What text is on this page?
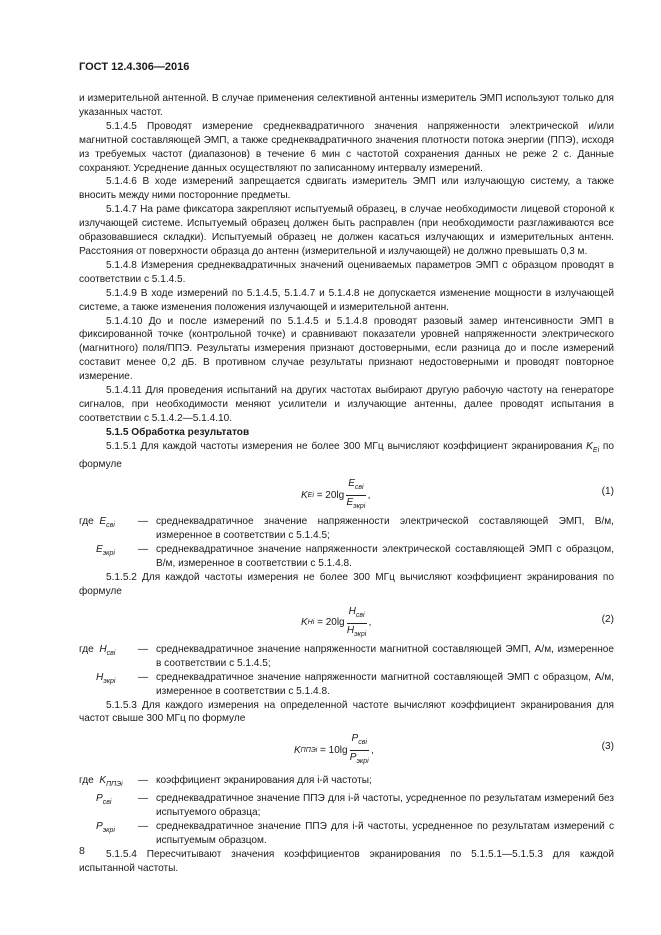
ГОСТ 12.4.306—2016

и измерительной антенной. В случае применения селективной антенны измеритель ЭМП используют только для указанных частот.

5.1.4.5 Проводят измерение среднеквадратичного значения напряженности электрической и/или магнитной составляющей ЭМП, а также среднеквадратичного значения плотности потока энергии (ППЭ), исходя из требуемых частот (диапазонов) в течение 6 мин с частотой сохранения данных не реже 2 с. Данные сохраняют. Усреднение данных осуществляют по записанному интервалу измерений.

5.1.4.6 В ходе измерений запрещается сдвигать измеритель ЭМП или излучающую систему, а также вносить между ними посторонние предметы.

5.1.4.7 На раме фиксатора закрепляют испытуемый образец, в случае необходимости лицевой стороной к излучающей системе. Испытуемый образец должен быть расправлен (при необходимости разглаживаются все образовавшиеся складки). Испытуемый образец не должен касаться излучающих и измерительных антенн. Расстояния от поверхности образца до антенн (измерительной и излучающей) не должно превышать 0,3 м.

5.1.4.8 Измерения среднеквадратичных значений оцениваемых параметров ЭМП с образцом проводят в соответствии с 5.1.4.5.

5.1.4.9 В ходе измерений по 5.1.4.5, 5.1.4.7 и 5.1.4.8 не допускается изменение мощности в излучающей системе, а также изменения положения излучающей и измерительной антенн.

5.1.4.10 До и после измерений по 5.1.4.5 и 5.1.4.8 проводят разовый замер интенсивности ЭМП в фиксированной точке (контрольной точке) и сравнивают показатели уровней напряженности электрического (магнитного) поля/ППЭ. Результаты измерения признают достоверными, если разница до и после измерений составит менее 0,2 дБ. В противном случае результаты признают недостоверными и проводят повторное измерение.

5.1.4.11 Для проведения испытаний на других частотах выбирают другую рабочую частоту на генераторе сигналов, при необходимости меняют усилители и излучающие антенны, далее проводят испытания в соответствии с 5.1.4.2—5.1.4.10.

5.1.5 Обработка результатов

5.1.5.1 Для каждой частоты измерения не более 300 МГц вычисляют коэффициент экранирования $K_{Ei}$ по формуле

K Ei
= $20\lg \frac{E_{свi}}{E_{экрi}}$ ,	(1)
где $E_{свi}$	— среднеквадратичное значение напряженности электрической составляющей ЭМП, В/м, измеренное в соответствии с 5.1.4.5;
$E_{экрi}$	— среднеквадратичное значение напряженности электрической составляющей ЭМП с образцом, В/м, измеренное в соответствии с 5.1.4.8.

5.1.5.2 Для каждой частоты измерения не более 300 МГц вычисляют коэффициент экранирования по формуле

K Hi
= $20\lg \frac{H_{свi}}{H_{экрi}}$ ,	(2)
где $H_{свi}$	— среднеквадратичное значение напряженности магнитной составляющей ЭМП, А/м, измеренное в соответствии с 5.1.4.5;
$H_{экрi}$	— среднеквадратичное значение напряженности магнитной составляющей ЭМП с образцом, А/м, измеренное в соответствии с 5.1.4.8.

5.1.5.3 Для каждого измерения на определенной частоте вычисляют коэффициент экранирования для частот свыше 300 МГц по формуле

K ППЭi
= $10\lg \frac{P_{свi}}{P_{экрi}}$ ,	(3)
где $K_{ППЭi}$	— коэффициент экранирования для i-й частоты;
$P_{свi}$	— среднеквадратичное значение ППЭ для i-й частоты, усредненное по результатам измерений без испытуемого образца;
$P_{экрi}$	— среднеквадратичное значение ППЭ для i-й частоты, усредненное по результатам измерений с испытуемым образцом.

5.1.5.4 Пересчитывают значения коэффициентов экранирования по 5.1.5.1—5.1.5.3 для каждой испытанной частоты.

8
